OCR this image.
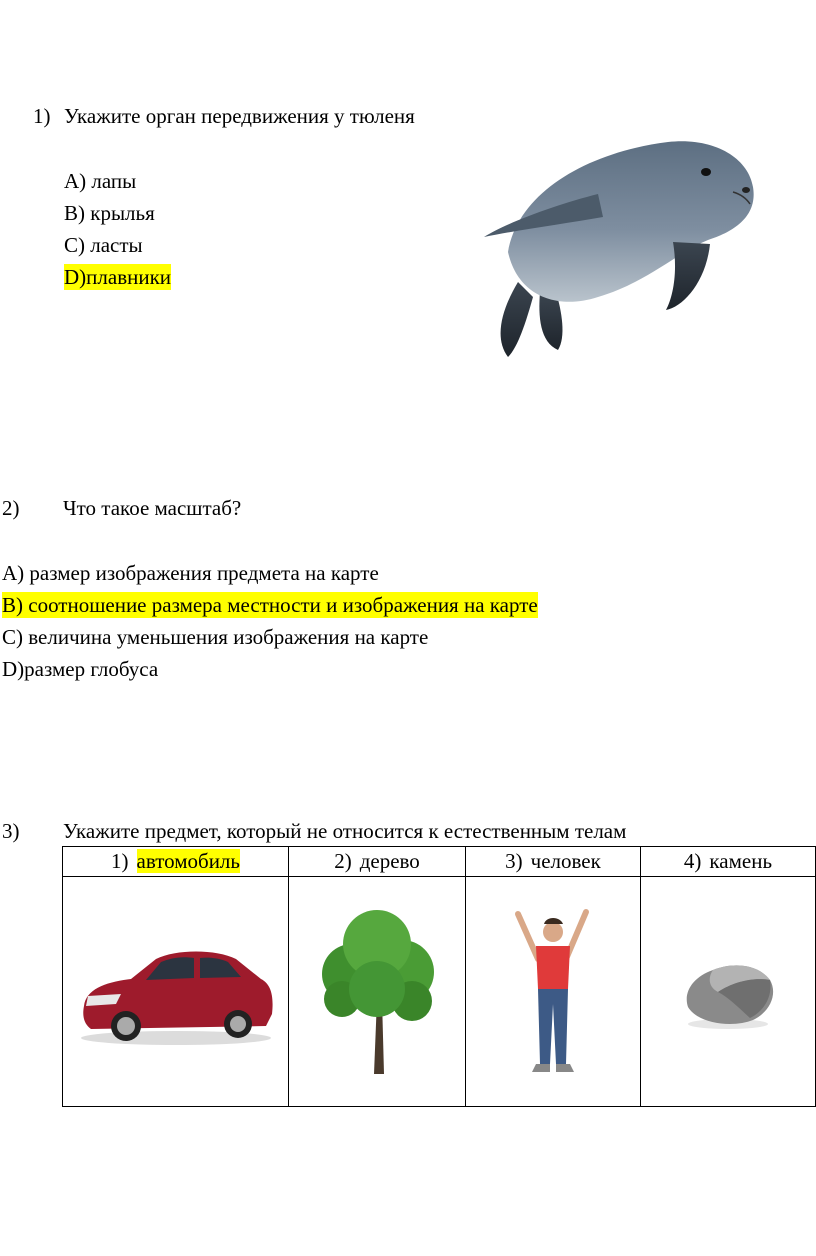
1) Укажите орган передвижения у тюленя
А) лапы
В) крылья
С) ласты
D)плавники
2) Что такое масштаб?
А) размер изображения предмета на карте
В) соотношение размера местности и изображения на карте
С) величина уменьшения изображения на карте
D)размер глобуса
3) Укажите предмет, который не относится к естественным телам
1) автомобиль	2) дерево	3) человек	4) камень
